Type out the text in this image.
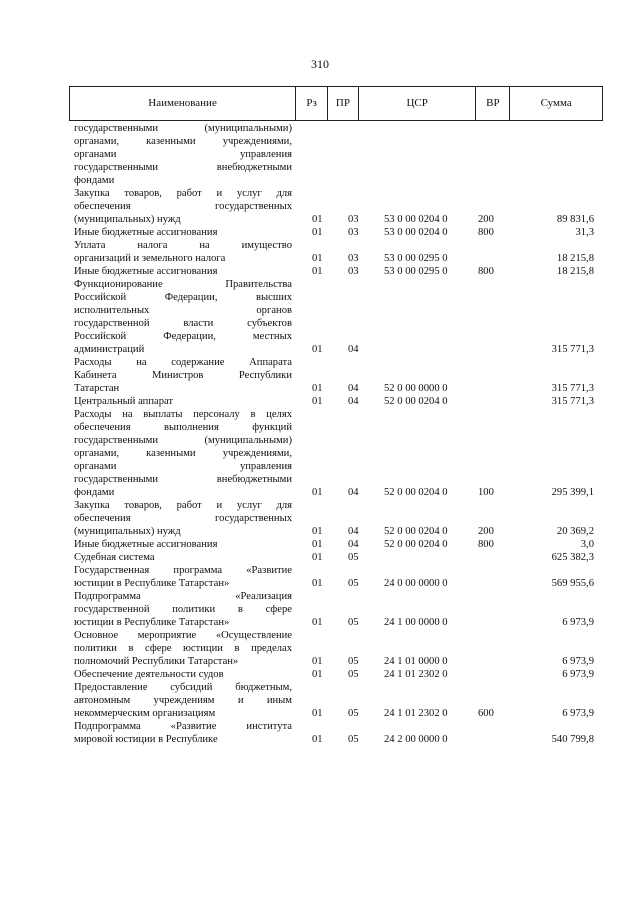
310
Наименование	Рз	ПР	ЦСР	ВР	Сумма
государственными (муниципальными)
органами, казенными учреждениями,
органами управления
государственными внебюджетными
фондами
Закупка товаров, работ и услуг для
обеспечения государственных
(муниципальных) нужд	01	03	53 0 00 0204 0	200	89 831,6
Иные бюджетные ассигнования	01	03	53 0 00 0204 0	800	31,3
Уплата налога на имущество
организаций и земельного налога	01	03	53 0 00 0295 0	18 215,8
Иные бюджетные ассигнования	01	03	53 0 00 0295 0	800	18 215,8
Функционирование Правительства
Российской Федерации, высших
исполнительных органов
государственной власти субъектов
Российской Федерации, местных
администраций	01	04	315 771,3
Расходы на содержание Аппарата
Кабинета Министров Республики
Татарстан	01	04	52 0 00 0000 0	315 771,3
Центральный аппарат	01	04	52 0 00 0204 0	315 771,3
Расходы на выплаты персоналу в целях
обеспечения выполнения функций
государственными (муниципальными)
органами, казенными учреждениями,
органами управления
государственными внебюджетными
фондами	01	04	52 0 00 0204 0	100	295 399,1
Закупка товаров, работ и услуг для
обеспечения государственных
(муниципальных) нужд	01	04	52 0 00 0204 0	200	20 369,2
Иные бюджетные ассигнования	01	04	52 0 00 0204 0	800	3,0
Судебная система	01	05	625 382,3
Государственная программа «Развитие
юстиции в Республике Татарстан»	01	05	24 0 00 0000 0	569 955,6
Подпрограмма «Реализация
государственной политики в сфере
юстиции в Республике Татарстан»	01	05	24 1 00 0000 0	6 973,9
Основное мероприятие «Осуществление
политики в сфере юстиции в пределах
полномочий Республики Татарстан»	01	05	24 1 01 0000 0	6 973,9
Обеспечение деятельности судов	01	05	24 1 01 2302 0	6 973,9
Предоставление субсидий бюджетным,
автономным учреждениям и иным
некоммерческим организациям	01	05	24 1 01 2302 0	600	6 973,9
Подпрограмма «Развитие института
мировой юстиции в Республике	01	05	24 2 00 0000 0	540 799,8
